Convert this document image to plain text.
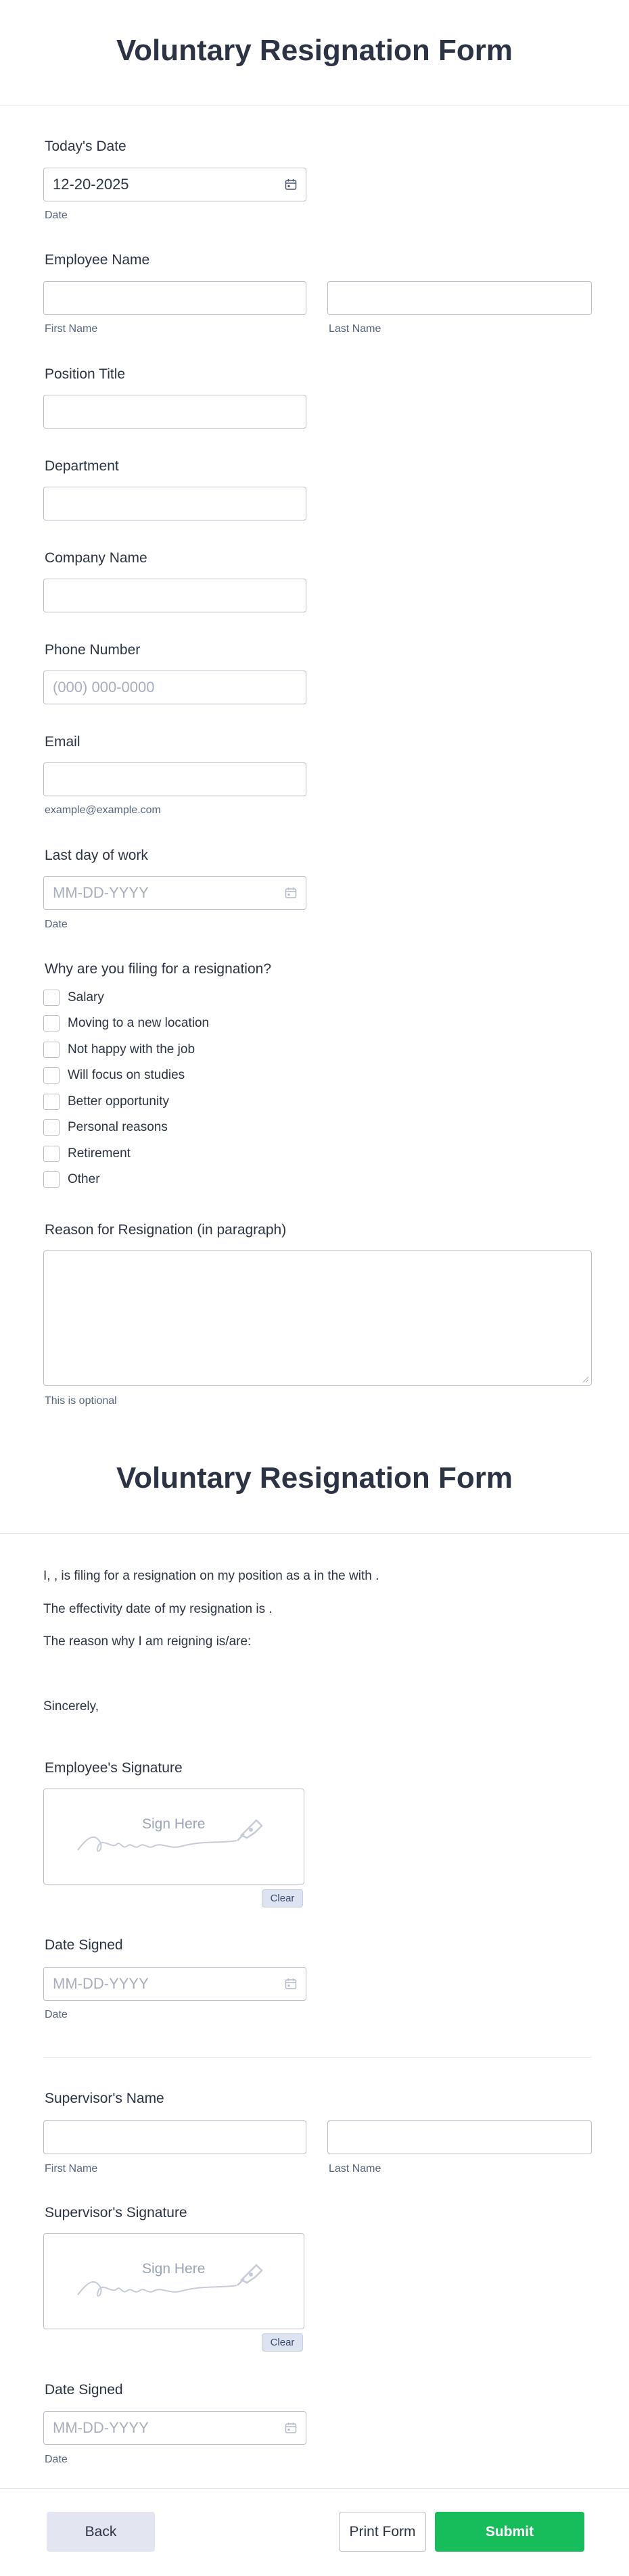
Voluntary Resignation Form
Today's Date
12-20-2025
Date
Employee Name
First Name	Last Name
Position Title
Department
Company Name
Phone Number
(000) 000-0000
Email
example@example.com
Last day of work
MM-DD-YYYY
Date
Why are you filing for a resignation?
Salary
Moving to a new location
Not happy with the job
Will focus on studies
Better opportunity
Personal reasons
Retirement
Other
Reason for Resignation (in paragraph)
This is optional
Voluntary Resignation Form
I, , is filing for a resignation on my position as a in the with .
The effectivity date of my resignation is .
The reason why I am reigning is/are:
Sincerely,
Employee's Signature
Sign Here
Clear
Date Signed
MM-DD-YYYY
Date
Supervisor's Name
First Name	Last Name
Supervisor's Signature
Sign Here
Clear
Date Signed
MM-DD-YYYY
Date
Back	Print Form	Submit
